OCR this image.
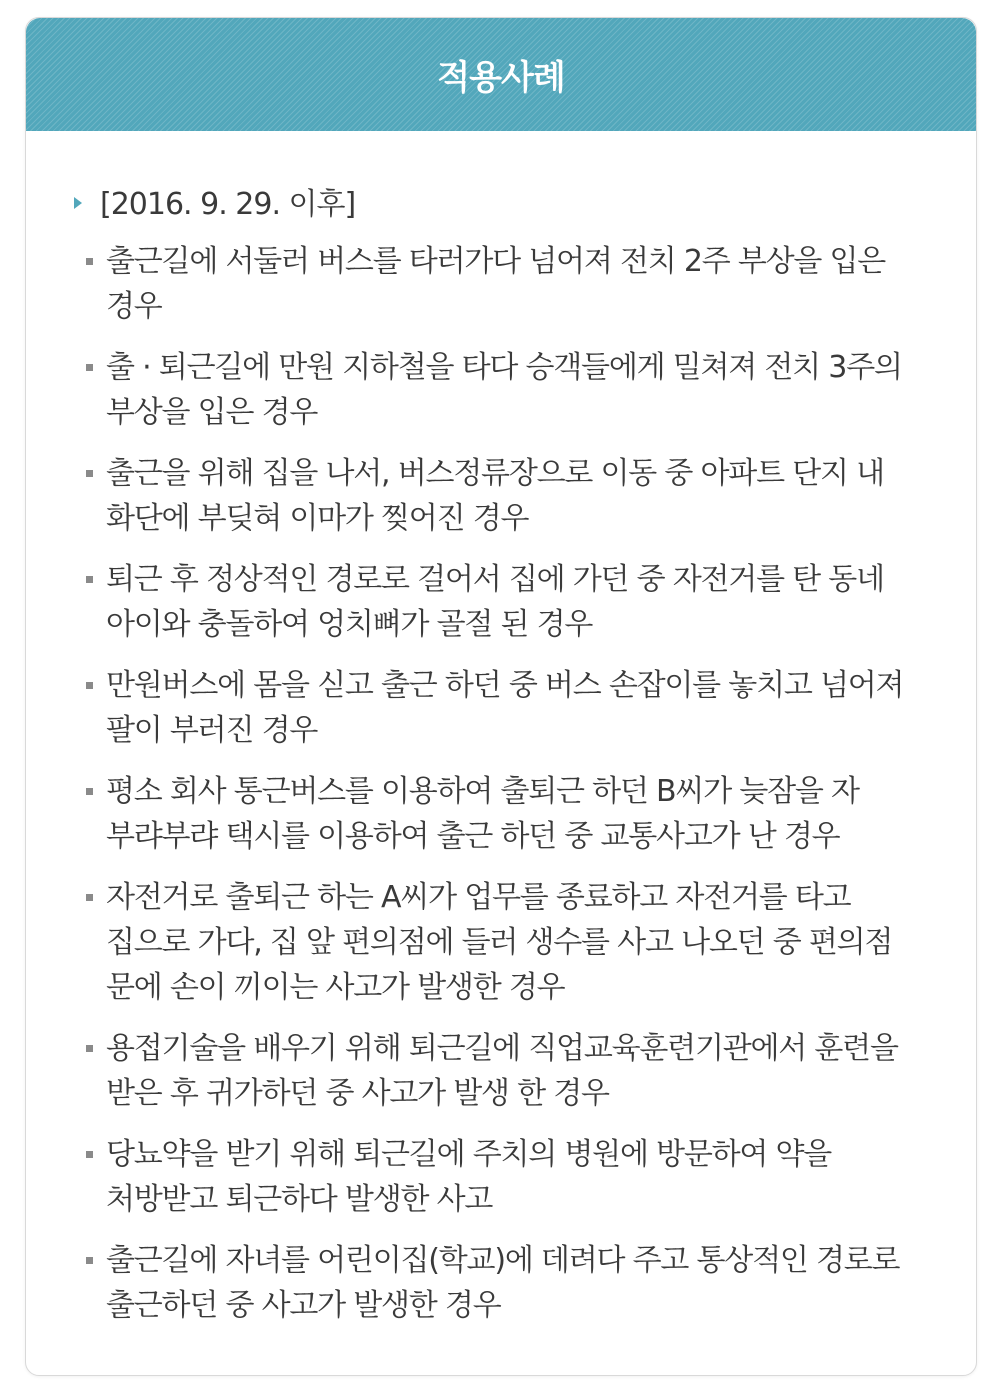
적용사례
[2016. 9. 29. 이후]
출근길에 서둘러 버스를 타러가다 넘어져 전치 2주 부상을 입은 경우
출 · 퇴근길에 만원 지하철을 타다 승객들에게 밀쳐져 전치 3주의 부상을 입은 경우
출근을 위해 집을 나서, 버스정류장으로 이동 중 아파트 단지 내 화단에 부딪혀 이마가 찢어진 경우
퇴근 후 정상적인 경로로 걸어서 집에 가던 중 자전거를 탄 동네 아이와 충돌하여 엉치뼈가 골절 된 경우
만원버스에 몸을 싣고 출근 하던 중 버스 손잡이를 놓치고 넘어져 팔이 부러진 경우
평소 회사 통근버스를 이용하여 출퇴근 하던 B씨가 늦잠을 자 부랴부랴 택시를 이용하여 출근 하던 중 교통사고가 난 경우
자전거로 출퇴근 하는 A씨가 업무를 종료하고 자전거를 타고 집으로 가다, 집 앞 편의점에 들러 생수를 사고 나오던 중 편의점 문에 손이 끼이는 사고가 발생한 경우
용접기술을 배우기 위해 퇴근길에 직업교육훈련기관에서 훈련을 받은 후 귀가하던 중 사고가 발생 한 경우
당뇨약을 받기 위해 퇴근길에 주치의 병원에 방문하여 약을 처방받고 퇴근하다 발생한 사고
출근길에 자녀를 어린이집(학교)에 데려다 주고 통상적인 경로로 출근하던 중 사고가 발생한 경우
